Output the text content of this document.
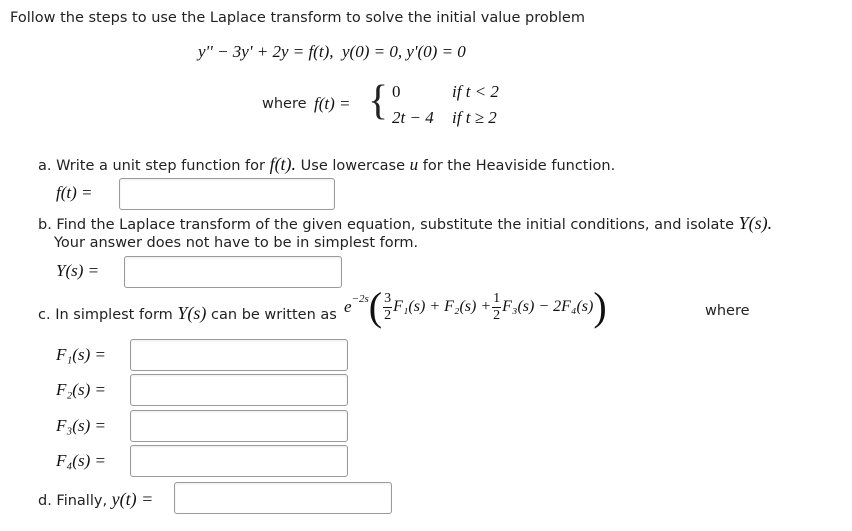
Follow the steps to use the Laplace transform to solve the initial value problem
y'' − 3y' + 2y = f(t), y(0) = 0, y'(0) = 0
where f(t) = { 0	if t < 2
2t − 4 if t ≥ 2
a. Write a unit step function for f(t). Use lowercase u for the Heaviside function.
f(t) =
b. Find the Laplace transform of the given equation, substitute the initial conditions, and isolate Y(s).
Your answer does not have to be in simplest form.
Y(s) =
c. In simplest form Y(s) can be written as $e^{-2s}$ ( $\frac{3}{2} F_1(s) + F_2(s) + \frac{1}{2} F_3(s) - 2F_4(s)$ )	where
F₁(s) =
F₂(s) =
F₃(s) =
F₄(s) =
d. Finally, y(t) =
